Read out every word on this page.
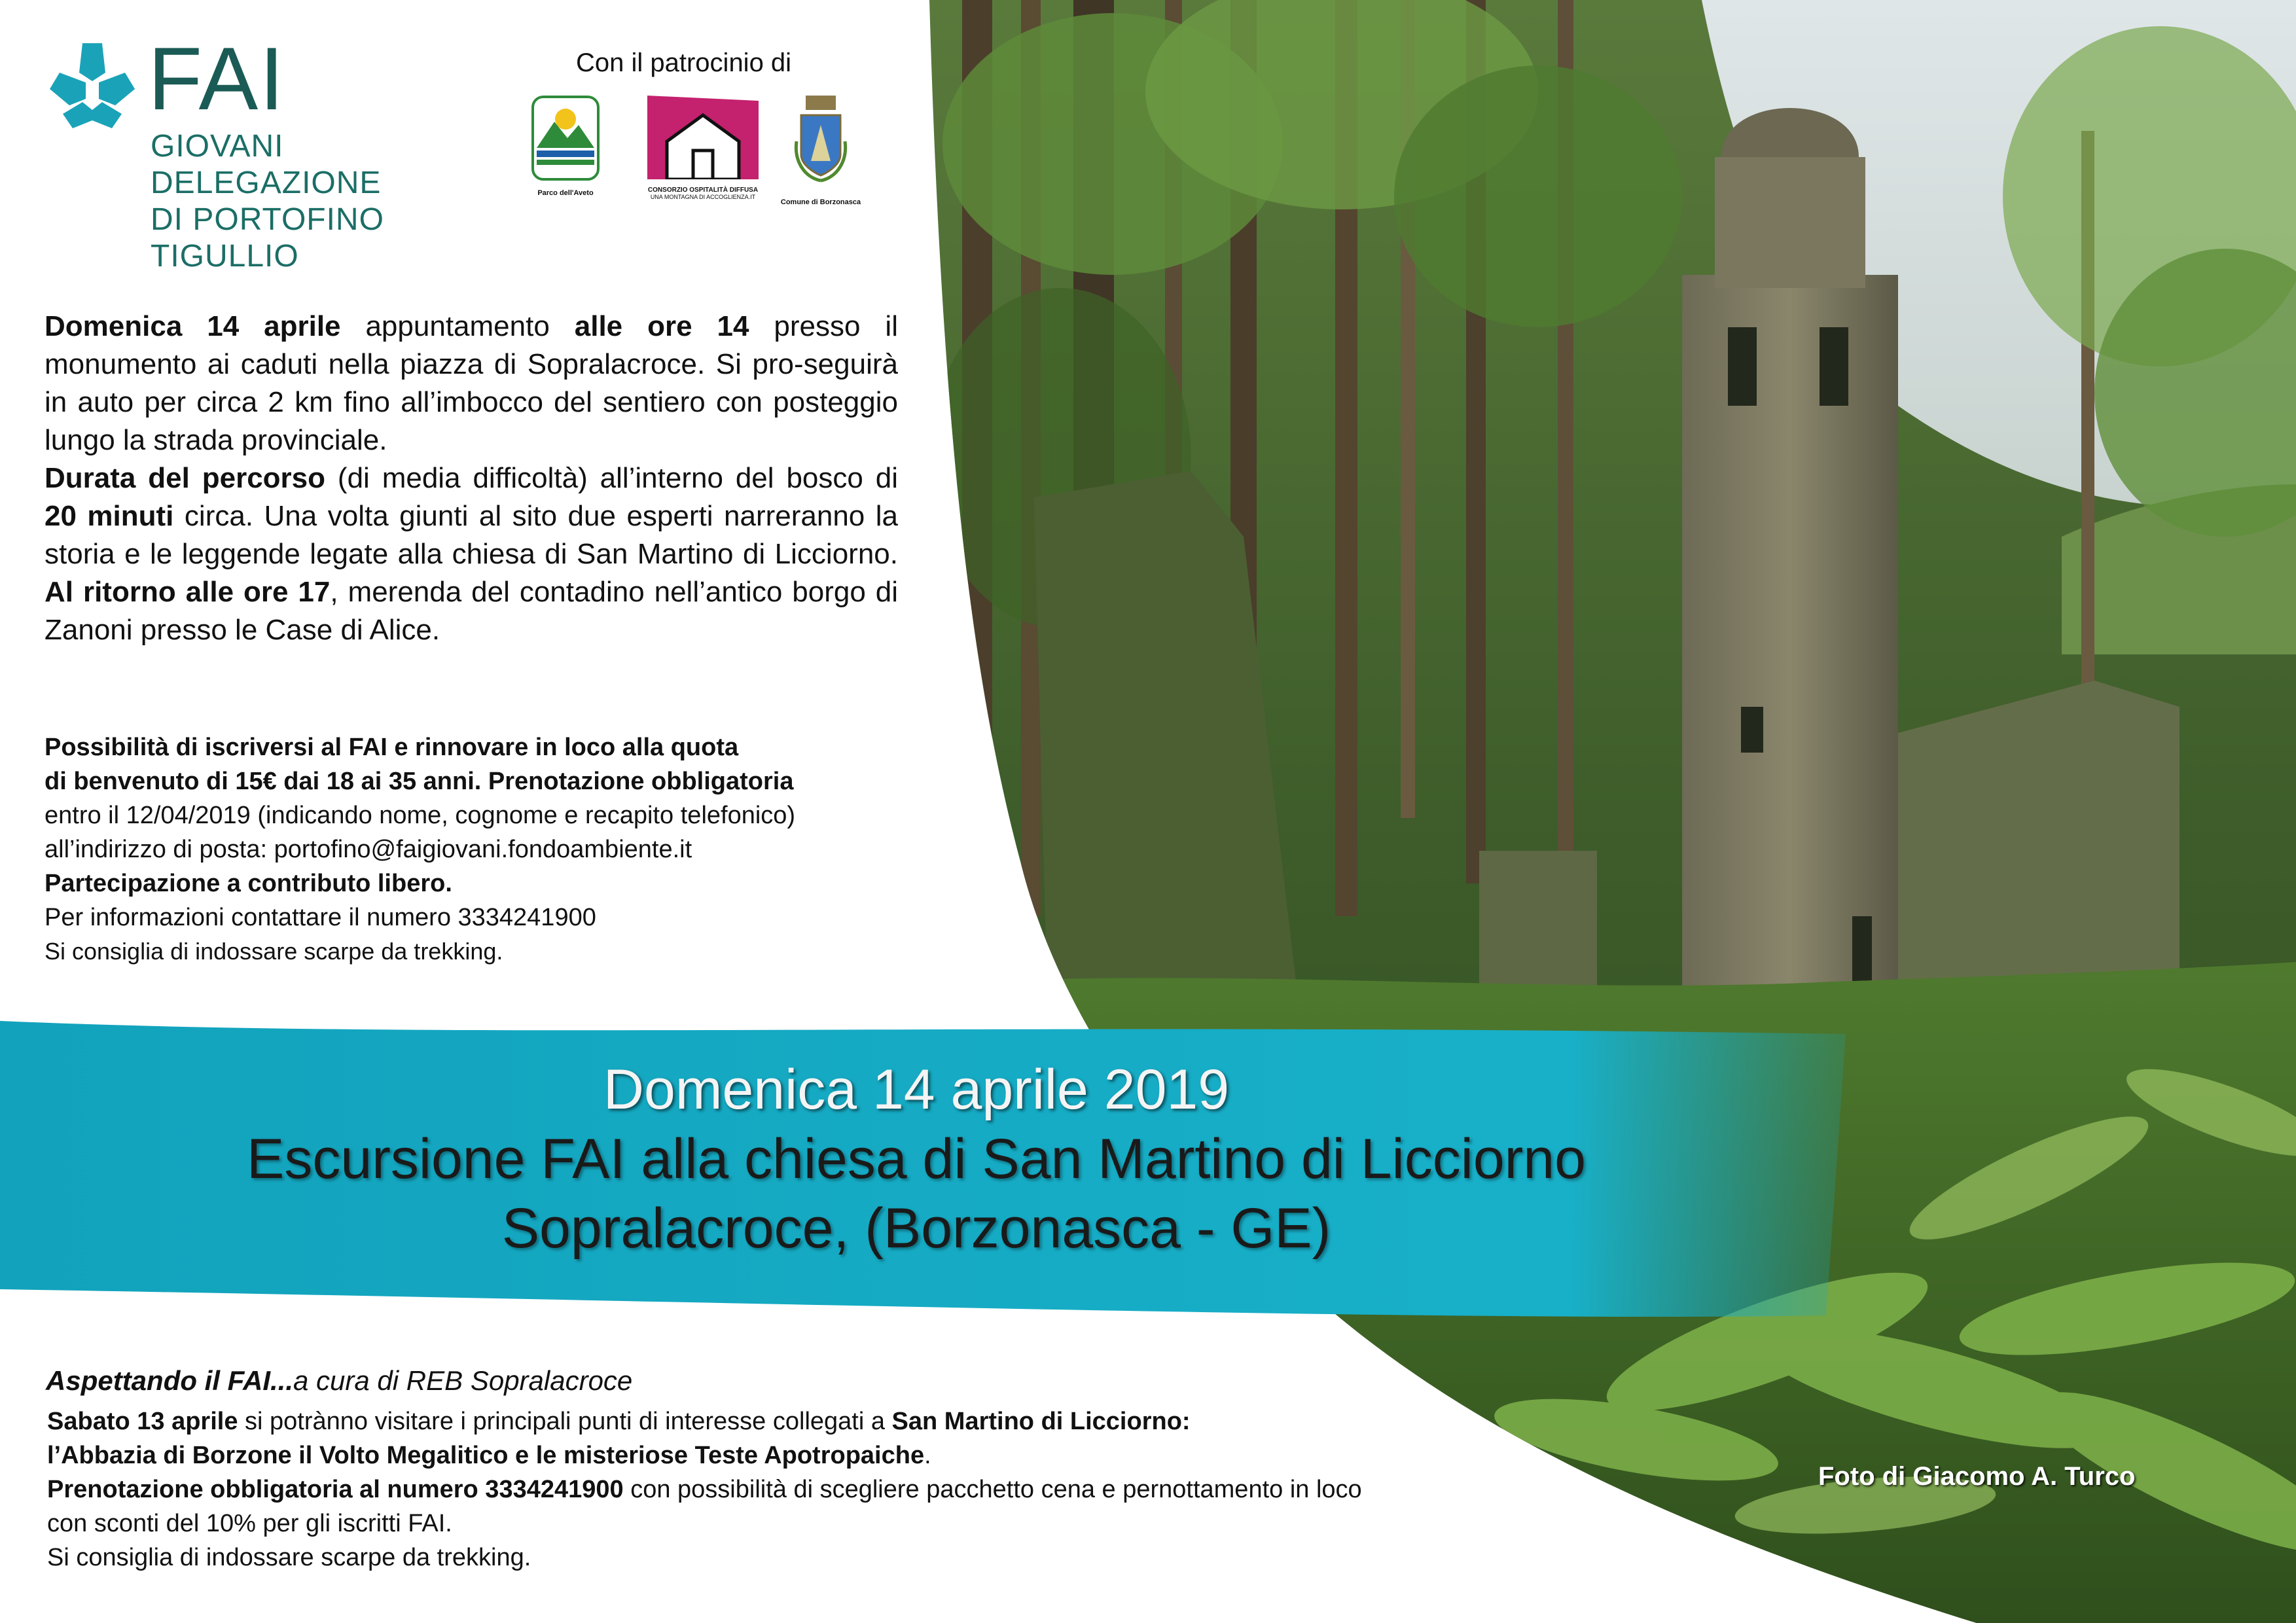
FAI
GIOVANI
DELEGAZIONE
DI PORTOFINO
TIGULLIO
Con il patrocinio di
Parco dell'Aveto	CONSORZIO OSPITALITÀ DIFFUSA
UNA MONTAGNA DI ACCOGLIENZA.IT
Comune di Borzonasca

Domenica 14 aprile appuntamento alle ore 14 presso il monumento ai caduti nella piazza di Sopralacroce. Si pro-seguirà in auto per circa 2 km fino all’imbocco del sentiero con posteggio lungo la strada provinciale.

Durata del percorso (di media difficoltà) all’interno del bosco di 20 minuti circa. Una volta giunti al sito due esperti narreranno la storia e le leggende legate alla chiesa di San Martino di Licciorno. Al ritorno alle ore 17, merenda del contadino nell’antico borgo di Zanoni presso le Case di Alice.

Possibilità di iscriversi al FAI e rinnovare in loco alla quota
di benvenuto di 15€ dai 18 ai 35 anni. Prenotazione obbligatoria
entro il 12/04/2019 (indicando nome, cognome e recapito telefonico)
all’indirizzo di posta: portofino@faigiovani.fondoambiente.it
Partecipazione a contributo libero.
Per informazioni contattare il numero 3334241900
Si consiglia di indossare scarpe da trekking.
Domenica 14 aprile 2019
Escursione FAI alla chiesa di San Martino di Licciorno
Sopralacroce, (Borzonasca - GE)
Aspettando il FAI...a cura di REB Sopralacroce
Sabato 13 aprile si potrànno visitare i principali punti di interesse collegati a San Martino di Licciorno:
l’Abbazia di Borzone il Volto Megalitico e le misteriose Teste Apotropaiche.
Prenotazione obbligatoria al numero 3334241900 con possibilità di scegliere pacchetto cena e pernottamento in loco
con sconti del 10% per gli iscritti FAI.
Si consiglia di indossare scarpe da trekking.
Foto di Giacomo A. Turco
